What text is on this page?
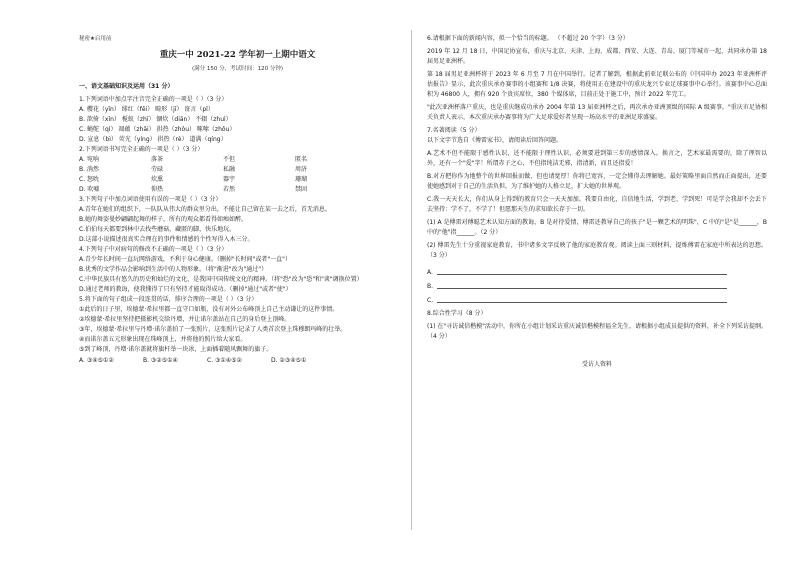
秘密★启用前
重庆一中 2021-22 学年初一上期中语文
(满分 150 分，考试时间：120 分钟)
一、语文基础知识及运用（31 分）
1.下列词语中加点字注音完全正确的一项是（ ）（3 分）
A. 樱花（yīn） 绯红（fēi） 畸形（jī） 诳言（pǐ）
B. 歆倚（xīn） 栀蚁（zhī） 锢炊（diān） 不辍（zhuì）
C. 蝇舵（qì） 凋蕴（zhāi） 拱热（zhǒu） 啄嗦（zhōu）
D. 宣息（bì） 荧光（yíng） 拱热（rè） 道满（qíng）
2.下列词语书写完全正确的一项是（ ）（3 分）
A. 宛响	落茶	不但	匿名
B. 淌然	劳碌	私融	周济
C. 怒吮	炊熏	器宇	珊瑚
D. 吹嘘	仰热	若然	禁固
3.下列句子中加点词语使用有误的一项是（ ）（3 分）
A.青年在她们的组织下，一队队从伟大的群众里分出，不能让自己留在某一去之后，首无消息。
B.她的舞姿曼妙翩翩起舞的样子，所有的观众都看得如痴如醉。
C.伯伯每天都要到林中去找些蘑菇，藏匿的脚，快乐地玩。
D.这部小说描述很真实合理在的事件和情感的个性写得入木三分。
4.下列句子中对病句的修改不正确的一项是（ ）（3 分）
A.青少年长时间一直玩网络游戏，不利于身心健康。（删掉"长时间"或者"一直"）
B.优秀的文学作品会影响到生活中的人物形象。（将"渐进"改为"通过"）
C.中华民族具有悠久的历史和灿烂的文化，是我国中国传统文化的精神。（将"恐"改为"恐"和"谈"调换位置）
D.通过老师的教诲，使我懂得了只有坚持才能取得成功。（删掉"通过"或者"使"）
5.将下面的句子组成一段连贯的话，排序合理的一项是（ ）（3 分）
①此后的日子里，埃德蒙·希拉里都一直守口如瓶，没有对外公布峰顶上自己主动谦让的这件事情。
②埃德蒙·希拉里坚持把摄影机交给丹增，并让诺尔盖站在自己的身后登上顶峰。
③年，埃德蒙·希拉里与丹增·诺尔盖拍了一张照片，这张照片记录了人类首次登上珠穆朗玛峰的壮举。
④而诺尔盖五元形象出现在珠峰顶上，并将他的照片给大家看。
⑤到了峰顶，丹增·诺尔盖就将旗杆举一块冰，上面插着随风飘舞的旗子。
A. ③④⑤①②	B. ③②⑤①④	C. ③①④⑤②	D. ②③④⑤①
6.请根据下面的新闻内容，拟一个恰当的标题。 （不超过 20 个字）（3 分）
2019 年 12 月 18 日，中国足协宣布，重庆与北京、天津、上海、成都、西安、大连、青岛、厦门等城市一起，共同承办第 18 届男足亚洲杯。
第 18 届男足亚洲杯将于 2023 年 6 月至 7 月在中国举行。记者了解到，根据此前亚足联公布的《中国申办 2023 年亚洲杯评估报告》显示，此次重庆承办赛事的小组赛和 1/8 决赛，将使用正在建设中的重庆龙兴专业足球赛事中心举行。该赛事中心总面积为 46800 人，拥有 920 个贵宾席位，380 个媒体席，目前正处于施工中，预计 2022 年完工。
"此次亚洲杯落户重庆，也是重庆继成功承办 2004 年第 13 届亚洲杯之后，再次承办亚洲顶级的国际 A 级赛事。"重庆市足协相关负责人表示，本次重庆承办赛事将为广大足球爱好者呈现一场高水平的亚洲足球盛宴。
7.名著阅读（5 分）
以下文字节选自《傅雷家书》，请阅读后回答问题。
A.艺术不但不能限于感性认识，还不能限于理性认识，必须要进到第三步的感情深入。换言之，艺术家最需要的，除了理智以外，还有一个"爱"字！所谓赤子之心，不但指纯洁无邪，指清新，而且还指爱！
B.对方把你作为地整个的世界回报而做，但也请宽厚！你将已宽容，一定会懂得去理解她。最好策略里面自然而正面提出，还要使她感到对于自己的生活负担，为了维护她的人格立足，扩大她的世界观。
C.我一天天长大，你们从身上得到的教育只会一天天加加。我要自由化，自信地生活，学到老、学到死！可是学会我却不会丢下去坚持：学不了，不学了！但愿那天生的求知欲长存于一切。
(1) A 是傅雷对傅聪艺术认知方面的教诲，B 是对待爱情，傅雷还教导自己的孩子"是一颗艺术的明珠"，C 中的"是"是______，B 中的"他"指______。（2 分）
(2) 傅雷先生十分重视家庭教育，书中诸多文字反映了他的家庭教育观。阅读上面三则材料，提炼傅雷在家庭中所表达的思想。（3 分）
A.
B.
C.
8.综合性学习（8 分）
(1) 在"寻访诚信楷模"活动中，你所在小组计划采访重庆诚信楷模程福全先生，请根据小组成员提供的资料，补全下列采访提纲。（4 分）
受访人资料
